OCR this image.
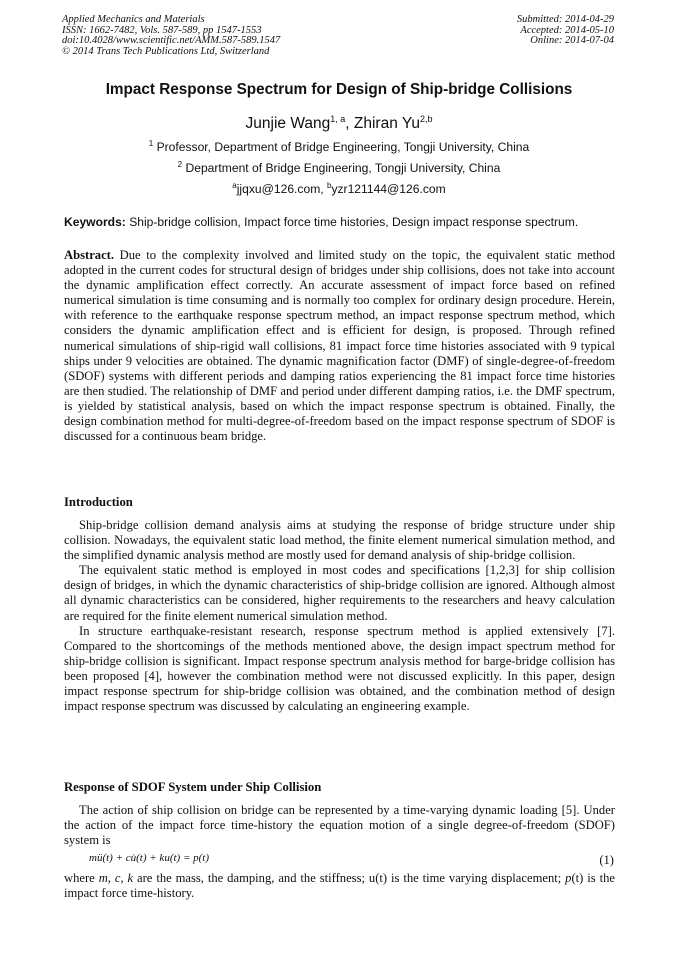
Applied Mechanics and Materials
ISSN: 1662-7482, Vols. 587-589, pp 1547-1553
doi:10.4028/www.scientific.net/AMM.587-589.1547
© 2014 Trans Tech Publications Ltd, Switzerland
Submitted: 2014-04-29
Accepted: 2014-05-10
Online: 2014-07-04
Impact Response Spectrum for Design of Ship-bridge Collisions
Junjie Wang$^{1, a}$, Zhiran Yu$^{2,b}$
$^1$ Professor, Department of Bridge Engineering, Tongji University, China
$^2$ Department of Bridge Engineering, Tongji University, China
$^a$jjqxu@126.com, $^b$yzr121144@126.com
Keywords: Ship-bridge collision, Impact force time histories, Design impact response spectrum.
Abstract. Due to the complexity involved and limited study on the topic, the equivalent static method adopted in the current codes for structural design of bridges under ship collisions, does not take into account the dynamic amplification effect correctly. An accurate assessment of impact force based on refined numerical simulation is time consuming and is normally too complex for ordinary design procedure. Herein, with reference to the earthquake response spectrum method, an impact response spectrum method, which considers the dynamic amplification effect and is efficient for design, is proposed. Through refined numerical simulations of ship-rigid wall collisions, 81 impact force time histories associated with 9 typical ships under 9 velocities are obtained. The dynamic magnification factor (DMF) of single-degree-of-freedom (SDOF) systems with different periods and damping ratios experiencing the 81 impact force time histories are then studied. The relationship of DMF and period under different damping ratios, i.e. the DMF spectrum, is yielded by statistical analysis, based on which the impact response spectrum is obtained. Finally, the design combination method for multi-degree-of-freedom based on the impact response spectrum of SDOF is discussed for a continuous beam bridge.
Introduction

Ship-bridge collision demand analysis aims at studying the response of bridge structure under ship collision. Nowadays, the equivalent static load method, the finite element numerical simulation method, and the simplified dynamic analysis method are mostly used for demand analysis of ship-bridge collision.

The equivalent static method is employed in most codes and specifications [1,2,3] for ship collision design of bridges, in which the dynamic characteristics of ship-bridge collision are ignored. Although almost all dynamic characteristics can be considered, higher requirements to the researchers and heavy calculation are required for the finite element numerical simulation method.

In structure earthquake-resistant research, response spectrum method is applied extensively [7]. Compared to the shortcomings of the methods mentioned above, the design impact spectrum method for ship-bridge collision is significant. Impact response spectrum analysis method for barge-bridge collision has been proposed [4], however the combination method were not discussed explicitly. In this paper, design impact response spectrum for ship-bridge collision was obtained, and the combination method of design impact response spectrum was discussed by calculating an engineering example.

Response of SDOF System under Ship Collision

The action of ship collision on bridge can be represented by a time-varying dynamic loading [5]. Under the action of the impact force time-history the equation motion of a single degree-of-freedom (SDOF) system is

mü(t) + cu̇(t) + ku(t) = p(t)	(1)

where m, c, k are the mass, the damping, and the stiffness; u(t) is the time varying displacement; p(t) is the impact force time-history.
